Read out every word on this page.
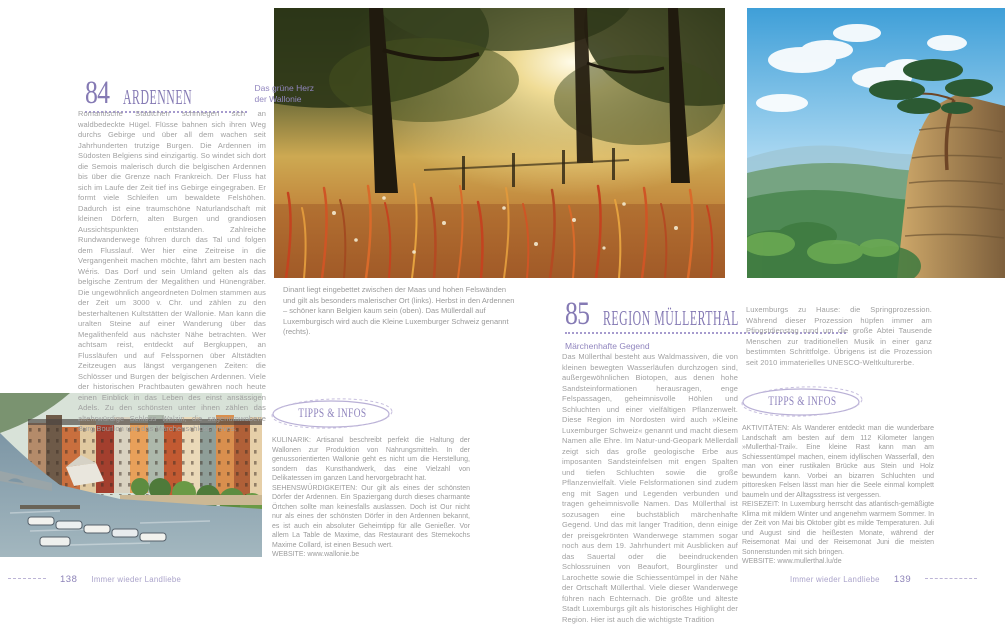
84 ARDENNEN	Das grüne Herz
der Wallonie
Romantische Städtchen schmiegen sich an waldbedeckte Hügel. Flüsse bahnen sich ihren Weg durchs Gebirge und über all dem wachen seit Jahrhunderten trutzige Burgen. Die Ardennen im Südosten Belgiens sind einzigartig. So windet sich dort die Semois malerisch durch die belgischen Ardennen bis über die Grenze nach Frankreich. Der Fluss hat sich im Laufe der Zeit tief ins Gebirge eingegraben. Er formt viele Schleifen um bewaldete Felshöhen. Dadurch ist eine traumschöne Naturlandschaft mit kleinen Dörfern, alten Burgen und grandiosen Aussichtspunkten entstanden. Zahlreiche Rundwanderwege führen durch das Tal und folgen dem Flusslauf. Wer hier eine Zeitreise in die Vergangenheit machen möchte, fährt am besten nach Wéris. Das Dorf und sein Umland gelten als das belgische Zentrum der Megalithen und Hünengräber. Die ungewöhnlich angeordneten Dolmen stammen aus der Zeit um 3000 v. Chr. und zählen zu den besterhaltenen Kultstätten der Wallonie. Man kann die uralten Steine auf einer Wanderung über das Megalithenfeld aus nächster Nähe betrachten. Wer achtsam reist, entdeckt auf Bergkuppen, an Flussläufen und auf Felsspornen über Altstädten Zeitzeugen aus längst vergangenen Zeiten: die Schlösser und Burgen der belgischen Ardennen. Viele der historischen Prachtbauten gewähren noch heute einen Einblick in das Leben des einst ansässigen Adels. Zu den schönsten unter ihnen zählen das altehrwürdige Schloss Walzin, die sagenumwobene Burg Bouillon und das Märchenschloss Vêves.
Dinant liegt eingebettet zwischen der Maas und hohen Felswänden und gilt als besonders malerischer Ort (links). Herbst in den Ardennen – schöner kann Belgien kaum sein (oben). Das Müllerdall auf Luxemburgisch wird auch die Kleine Luxemburger Schweiz genannt (rechts).
TIPPS & INFOS

KULINARIK: Artisanal beschreibt perfekt die Haltung der Wallonen zur Produktion von Nahrungsmitteln. In der genussorientierten Wallonie geht es nicht um die Herstellung, sondern das Kunsthandwerk, das eine Vielzahl von Delikatessen im ganzen Land hervorgebracht hat.

SEHENSWÜRDIGKEITEN: Our gilt als eines der schönsten Dörfer der Ardennen. Ein Spaziergang durch dieses charmante Örtchen sollte man keinesfalls auslassen. Doch ist Our nicht nur als eines der schönsten Dörfer in den Ardennen bekannt, es ist auch ein absoluter Geheimtipp für alle Genießer. Vor allem La Table de Maxime, das Restaurant des Sternekochs Maxime Collard, ist einen Besuch wert.

WEBSITE: www.wallonie.be

138 Immer wieder Landliebe
85 REGION MÜLLERTHAL
Märchenhafte Gegend
Das Müllerthal besteht aus Waldmassiven, die von kleinen bewegten Wasserläufen durchzogen sind, außergewöhnlichen Biotopen, aus denen hohe Sandsteinformationen herausragen, enge Felspassagen, geheimnisvolle Höhlen und Schluchten und einer vielfältigen Pflanzenwelt. Diese Region im Nordosten wird auch »Kleine Luxemburger Schweiz« genannt und macht diesem Namen alle Ehre. Im Natur-und-Geopark Mëllerdall zeigt sich das große geologische Erbe aus imposanten Sandsteinfelsen mit engen Spalten und tiefen Schluchten sowie die große Pflanzenvielfalt. Viele Felsformationen sind zudem eng mit Sagen und Legenden verbunden und tragen geheimnisvolle Namen. Das Müllerthal ist sozusagen eine buchstäblich märchenhafte Gegend. Und das mit langer Tradition, denn einige der preisgekrönten Wanderwege stammen sogar noch aus dem 19. Jahrhundert mit Ausblicken auf das Sauertal oder die beeindruckenden Schlossruinen von Beaufort, Bourglinster und Larochette sowie die Schiessentümpel in der Nähe der Ortschaft Müllerthal. Viele dieser Wanderwege führen nach Echternach. Die größte und älteste Stadt Luxemburgs gilt als historisches Highlight der Region. Hier ist auch die wichtigste Tradition
Luxemburgs zu Hause: die Springprozession. Während dieser Prozession hüpfen immer am Pfingstdienstag rund um die große Abtei Tausende Menschen zur traditionellen Musik in einer ganz bestimmten Schrittfolge. Übrigens ist die Prozession seit 2010 immaterielles UNESCO-Weltkulturerbe.
TIPPS & INFOS

AKTIVITÄTEN: Als Wanderer entdeckt man die wunderbare Landschaft am besten auf dem 112 Kilometer langen »Mullerthal-Trail«. Eine kleine Rast kann man am Schiessentümpel machen, einem idyllischen Wasserfall, den man von einer rustikalen Brücke aus Stein und Holz bewundern kann. Vorbei an bizarren Schluchten und pittoresken Felsen lässt man hier die Seele einmal komplett baumeln und der Alltagsstress ist vergessen.

REISEZEIT: In Luxemburg herrscht das atlantisch-gemäßigte Klima mit mildem Winter und angenehm warmem Sommer. In der Zeit von Mai bis Oktober gibt es milde Temperaturen. Juli und August sind die heißesten Monate, während der Reisemonat Mai und der Reisemonat Juni die meisten Sonnenstunden mit sich bringen.

WEBSITE: www.mullerthal.lu/de

Immer wieder Landliebe 139
